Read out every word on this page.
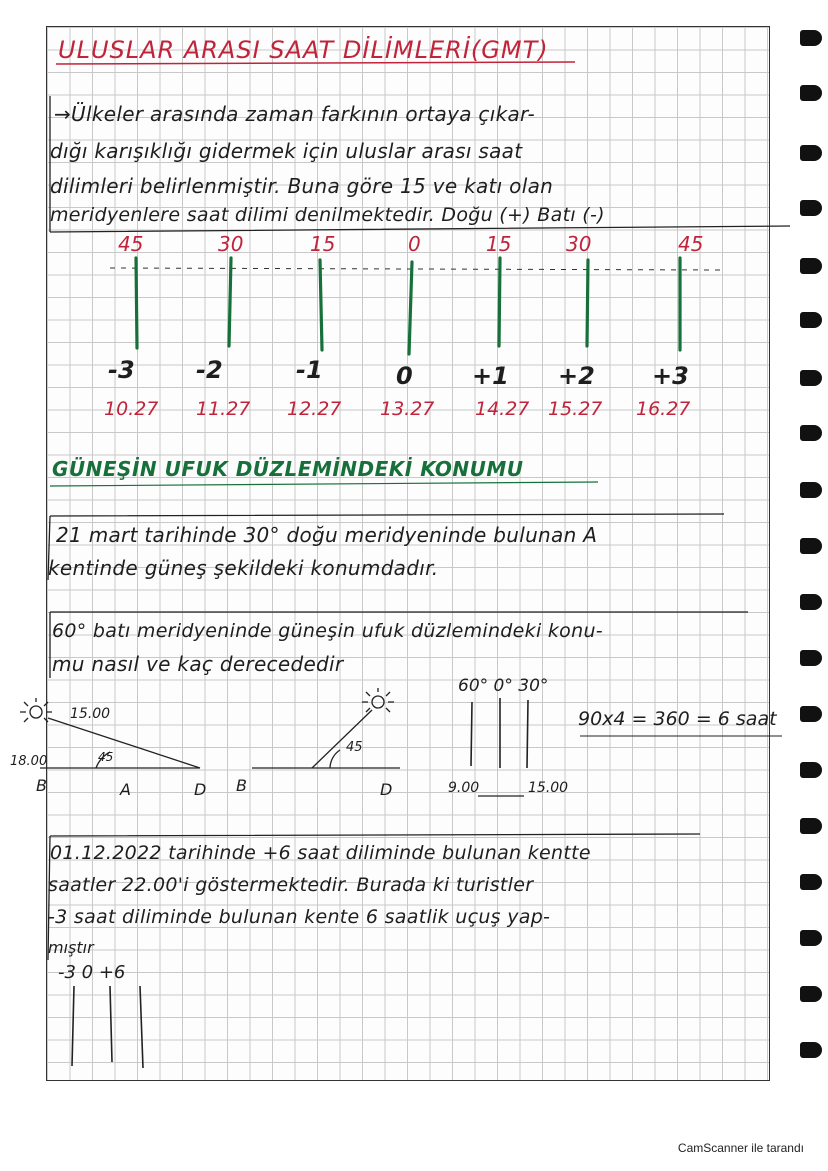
ULUSLAR ARASI SAAT DİLİMLERİ(GMT)
→Ülkeler arasında zaman farkının ortaya çıkar-
dığı karışıklığı gidermek için uluslar arası saat
dilimleri belirlenmiştir. Buna göre 15 ve katı olan
meridyenlere saat dilimi denilmektedir. Doğu (+) Batı (-)
45	30	15	0	15	30	45
-3	-2	-1	0 +1 +2 +3
10.27 11.27 12.27 13.27 14.27 15.27 16.27
GÜNEŞİN UFUK DÜZLEMİNDEKİ KONUMU
21 mart tarihinde 30° doğu meridyeninde bulunan A
kentinde güneş şekildeki konumdadır.
60° batı meridyeninde güneşin ufuk düzlemindeki konu-
mu nasıl ve kaç derecededir
15.00
45
18.00
B	A	D
45
B	D
60° 0° 30°
9.00	15.00
90x4 = 360 = 6 saat
01.12.2022 tarihinde +6 saat diliminde bulunan kentte
saatler 22.00'i göstermektedir. Burada ki turistler
-3 saat diliminde bulunan kente 6 saatlik uçuş yap-
mıştır
-3 0 +6
CamScanner ile tarandı
